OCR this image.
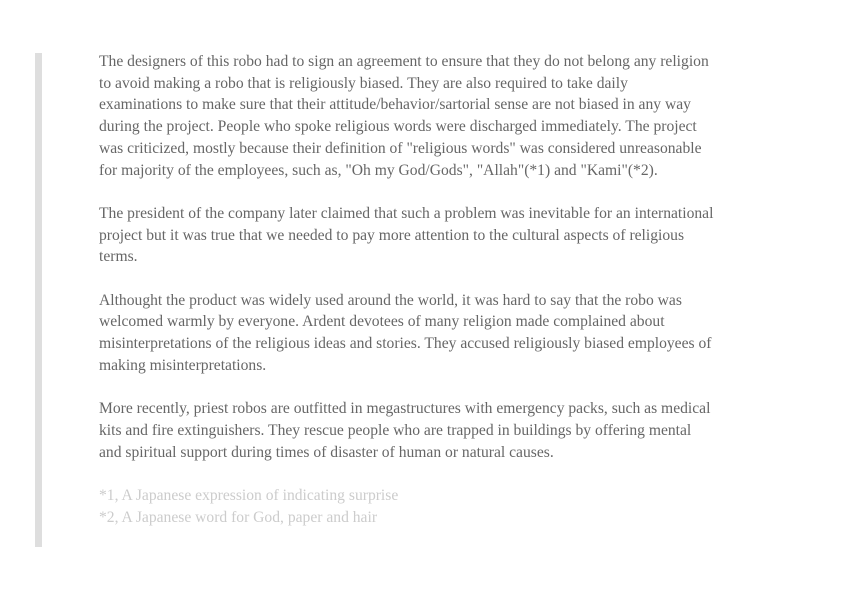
The designers of this robo had to sign an agreement to ensure that they do not belong any religion
to avoid making a robo that is religiously biased. They are also required to take daily
examinations to make sure that their attitude/behavior/sartorial sense are not biased in any way
during the project. People who spoke religious words were discharged immediately. The project
was criticized, mostly because their definition of "religious words" was considered unreasonable
for majority of the employees, such as, "Oh my God/Gods", "Allah"(*1) and "Kami"(*2).

The president of the company later claimed that such a problem was inevitable for an international
project but it was true that we needed to pay more attention to the cultural aspects of religious
terms.

Althought the product was widely used around the world, it was hard to say that the robo was
welcomed warmly by everyone. Ardent devotees of many religion made complained about
misinterpretations of the religious ideas and stories. They accused religiously biased employees of
making misinterpretations.

More recently, priest robos are outfitted in megastructures with emergency packs, such as medical
kits and fire extinguishers. They rescue people who are trapped in buildings by offering mental
and spiritual support during times of disaster of human or natural causes.

*1, A Japanese expression of indicating surprise
*2, A Japanese word for God, paper and hair
